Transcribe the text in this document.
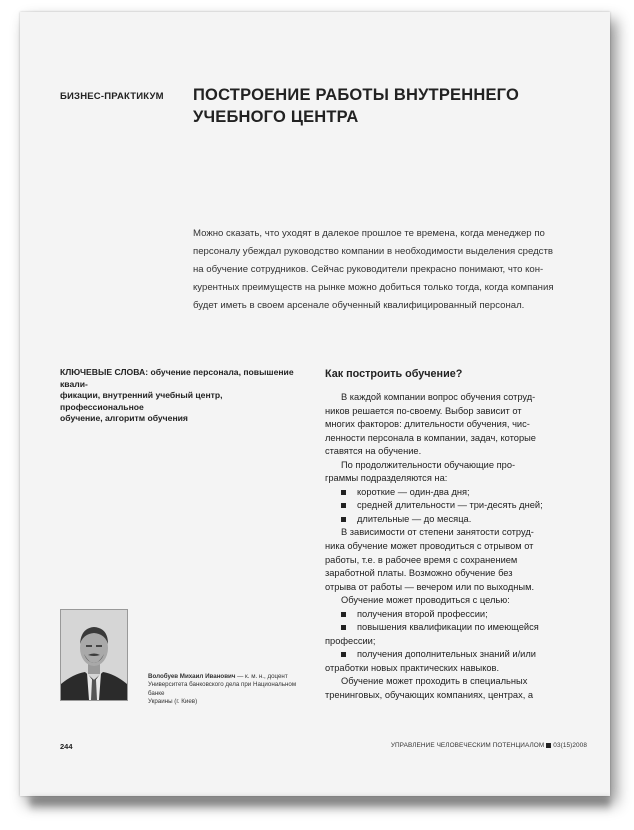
БИЗНЕС-ПРАКТИКУМ ПОСТРОЕНИЕ РАБОТЫ ВНУТРЕННЕГО
УЧЕБНОГО ЦЕНТРА
Можно сказать, что уходят в далекое прошлое те времена, когда менеджер по
персоналу убеждал руководство компании в необходимости выделения средств
на обучение сотрудников. Сейчас руководители прекрасно понимают, что кон-
курентных преимуществ на рынке можно добиться только тогда, когда компания
будет иметь в своем арсенале обученный квалифицированный персонал.
КЛЮЧЕВЫЕ СЛОВА: обучение персонала, повышение квали-
фикации, внутренний учебный центр, профессиональное
обучение, алгоритм обучения
Волобуев Михаил Иванович — к. м. н., доцент
Университета банковского дела при Национальном банке
Украины (г. Киев)
Как построить обучение?

В каждой компании вопрос обучения сотруд-
ников решается по-своему. Выбор зависит от
многих факторов: длительности обучения, чис-
ленности персонала в компании, задач, которые
ставятся на обучение.

По продолжительности обучающие про-
граммы подразделяются на:

короткие — один-два дня;
средней длительности — три-десять дней;
длительные — до месяца.

В зависимости от степени занятости сотруд-
ника обучение может проводиться с отрывом от
работы, т.е. в рабочее время с сохранением
заработной платы. Возможно обучение без
отрыва от работы — вечером или по выходным.

Обучение может проводиться с целью:

получения второй профессии;
повышения квалификации по имеющейся
профессии;
получения дополнительных знаний и/или
отработки новых практических навыков.

Обучение может проходить в специальных
тренинговых, обучающих компаниях, центрах, а

244	УПРАВЛЕНИЕ ЧЕЛОВЕЧЕСКИМ ПОТЕНЦИАЛОМ 03(15)2008
